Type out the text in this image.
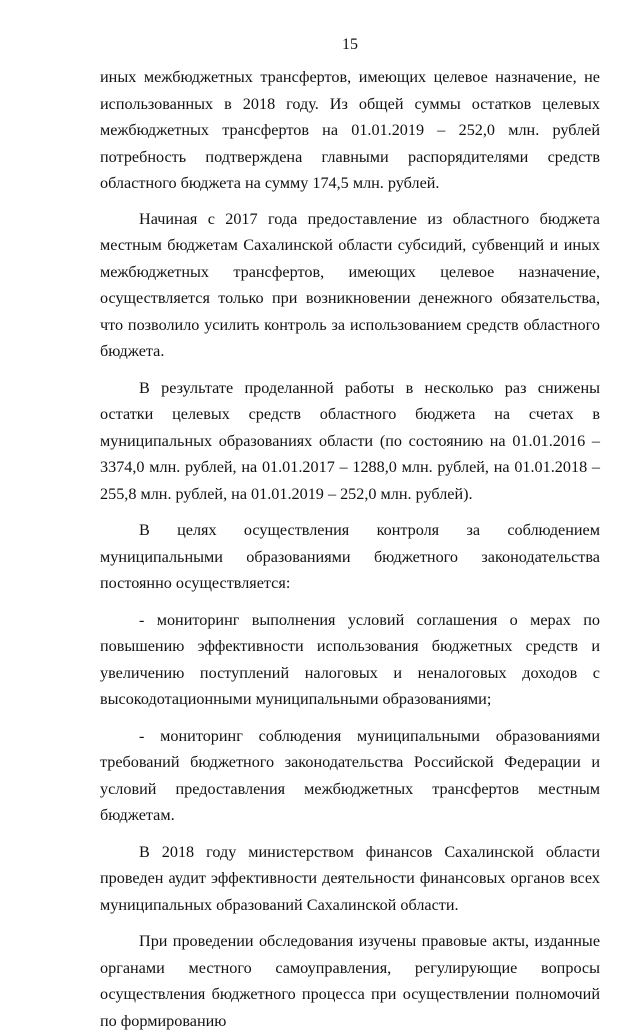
15

иных межбюджетных трансфертов, имеющих целевое назначение, не использованных в 2018 году. Из общей суммы остатков целевых межбюджетных трансфертов на 01.01.2019 – 252,0 млн. рублей потребность подтверждена главными распорядителями средств областного бюджета на сумму 174,5 млн. рублей.

Начиная с 2017 года предоставление из областного бюджета местным бюджетам Сахалинской области субсидий, субвенций и иных межбюджетных трансфертов, имеющих целевое назначение, осуществляется только при возникновении денежного обязательства, что позволило усилить контроль за использованием средств областного бюджета.

В результате проделанной работы в несколько раз снижены остатки целевых средств областного бюджета на счетах в муниципальных образованиях области (по состоянию на 01.01.2016 – 3374,0 млн. рублей, на 01.01.2017 – 1288,0 млн. рублей, на 01.01.2018 – 255,8 млн. рублей, на 01.01.2019 – 252,0 млн. рублей).

В целях осуществления контроля за соблюдением муниципальными образованиями бюджетного законодательства постоянно осуществляется:

- мониторинг выполнения условий соглашения о мерах по повышению эффективности использования бюджетных средств и увеличению поступлений налоговых и неналоговых доходов с высокодотационными муниципальными образованиями;

- мониторинг соблюдения муниципальными образованиями требований бюджетного законодательства Российской Федерации и условий предоставления межбюджетных трансфертов местным бюджетам.

В 2018 году министерством финансов Сахалинской области проведен аудит эффективности деятельности финансовых органов всех муниципальных образований Сахалинской области.

При проведении обследования изучены правовые акты, изданные органами местного самоуправления, регулирующие вопросы осуществления бюджетного процесса при осуществлении полномочий по формированию
